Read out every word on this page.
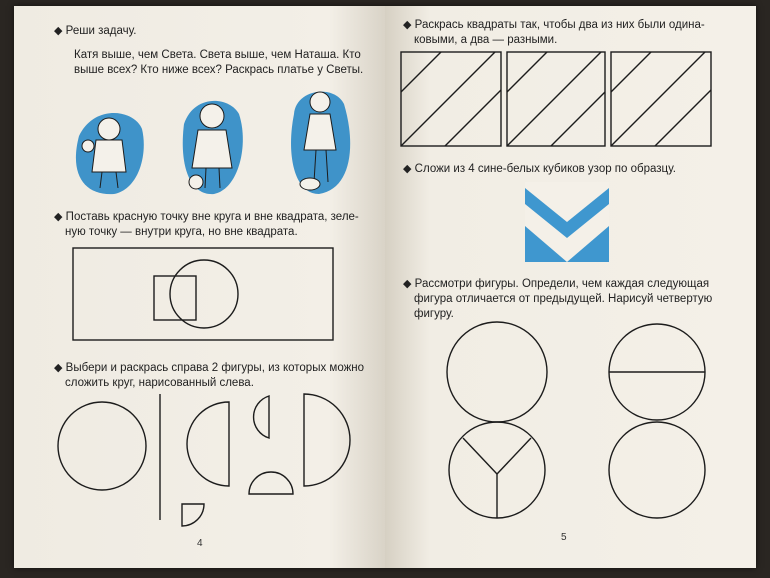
◆ Реши задачу.
Катя выше, чем Света. Света выше, чем Наташа. Кто
выше всех? Кто ниже всех? Раскрась платье у Светы.
◆ Поставь красную точку вне круга и вне квадрата, зеле-
ную точку — внутри круга, но вне квадрата.
◆ Выбери и раскрась справа 2 фигуры, из которых можно
сложить круг, нарисованный слева.
4
◆ Раскрась квадраты так, чтобы два из них были одина-
ковыми, а два — разными.
◆ Сложи из 4 сине-белых кубиков узор по образцу.
◆ Рассмотри фигуры. Определи, чем каждая следующая
фигура отличается от предыдущей. Нарисуй четвертую
фигуру.
5
